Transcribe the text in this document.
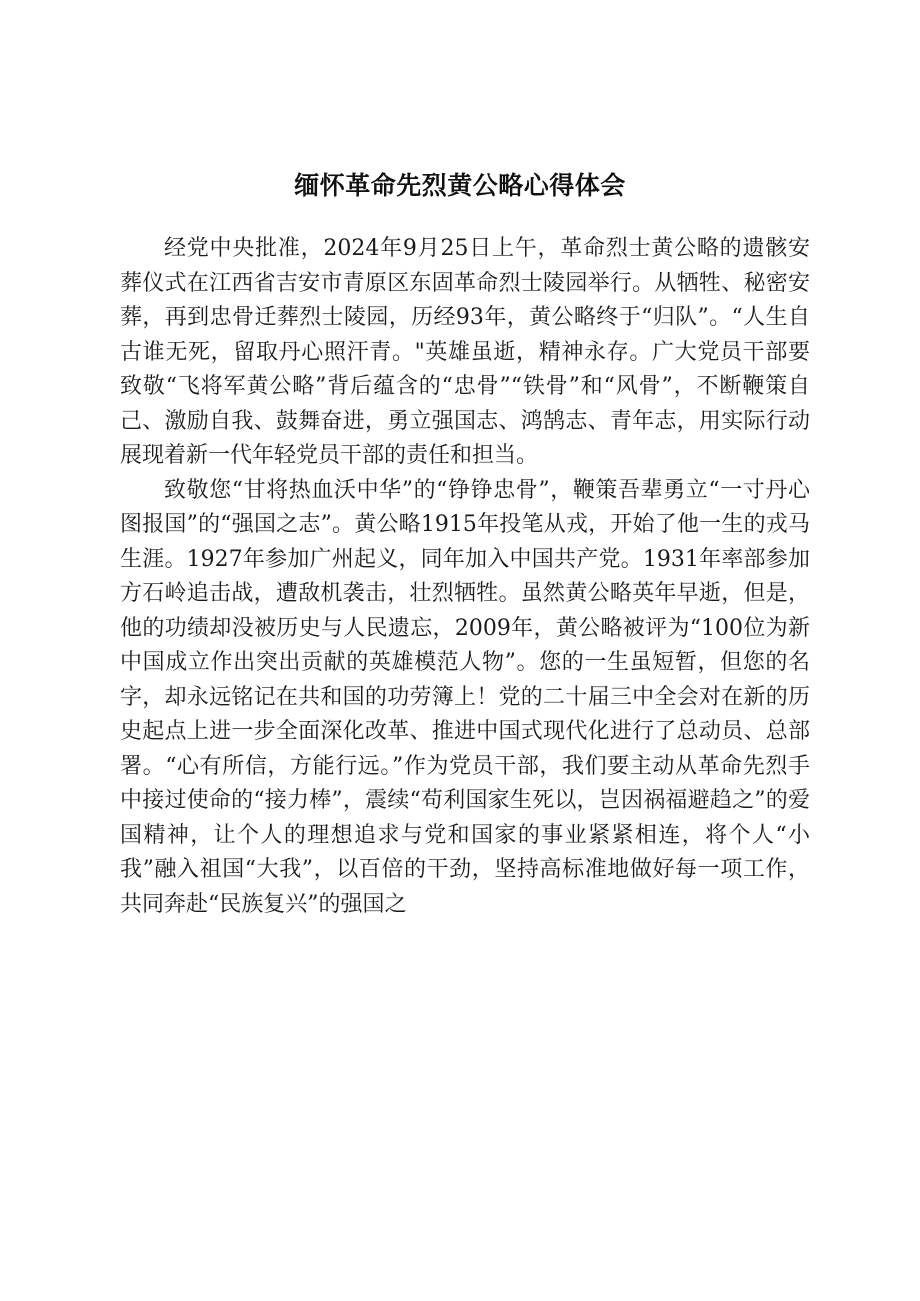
缅怀革命先烈黄公略心得体会

经党中央批准，2024年9月25日上午，革命烈士黄公略的遗骸安葬仪式在江西省吉安市青原区东固革命烈士陵园举行。从牺牲、秘密安葬，再到忠骨迁葬烈士陵园，历经93年，黄公略终于“归队”。“人生自古谁无死，留取丹心照汗青。"英雄虽逝，精神永存。广大党员干部要致敬“飞将军黄公略”背后蕴含的“忠骨”“铁骨”和“风骨”，不断鞭策自己、激励自我、鼓舞奋进，勇立强国志、鸿鹄志、青年志，用实际行动展现着新一代年轻党员干部的责任和担当。

致敬您“甘将热血沃中华”的“铮铮忠骨”，鞭策吾辈勇立“一寸丹心图报国”的“强国之志”。黄公略1915年投笔从戎，开始了他一生的戎马生涯。1927年参加广州起义，同年加入中国共产党。1931年率部参加方石岭追击战，遭敌机袭击，壮烈牺牲。虽然黄公略英年早逝，但是，他的功绩却没被历史与人民遗忘，2009年，黄公略被评为“100位为新中国成立作出突出贡献的英雄模范人物”。您的一生虽短暂，但您的名字，却永远铭记在共和国的功劳簿上！党的二十届三中全会对在新的历史起点上进一步全面深化改革、推进中国式现代化进行了总动员、总部署。“心有所信，方能行远。”作为党员干部，我们要主动从革命先烈手中接过使命的“接力棒”，震续“苟利国家生死以，岂因祸福避趋之”的爱国精神，让个人的理想追求与党和国家的事业紧紧相连，将个人“小我”融入祖国“大我”，以百倍的干劲，坚持高标准地做好每一项工作，共同奔赴“民族复兴”的强国之
